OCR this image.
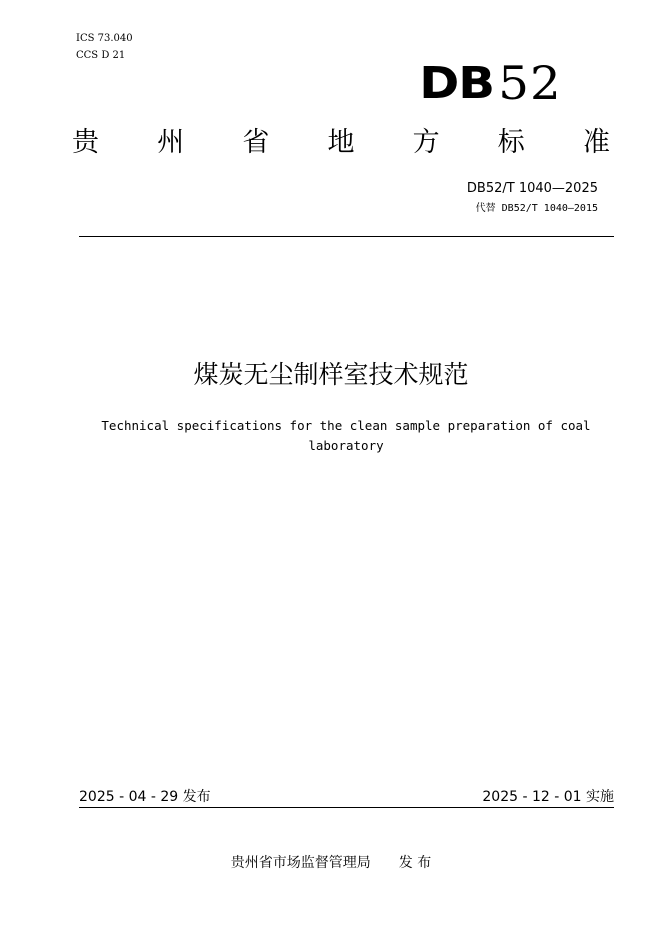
ICS 73.040
CCS D 21
DB52
贵 州 省 地 方 标 准
DB52/T 1040—2025
代替 DB52/T 1040—2015
煤炭无尘制样室技术规范
Technical specifications for the clean sample preparation of coal laboratory
2025 - 04 - 29 发布	2025 - 12 - 01 实施
贵州省市场监督管理局 发 布
